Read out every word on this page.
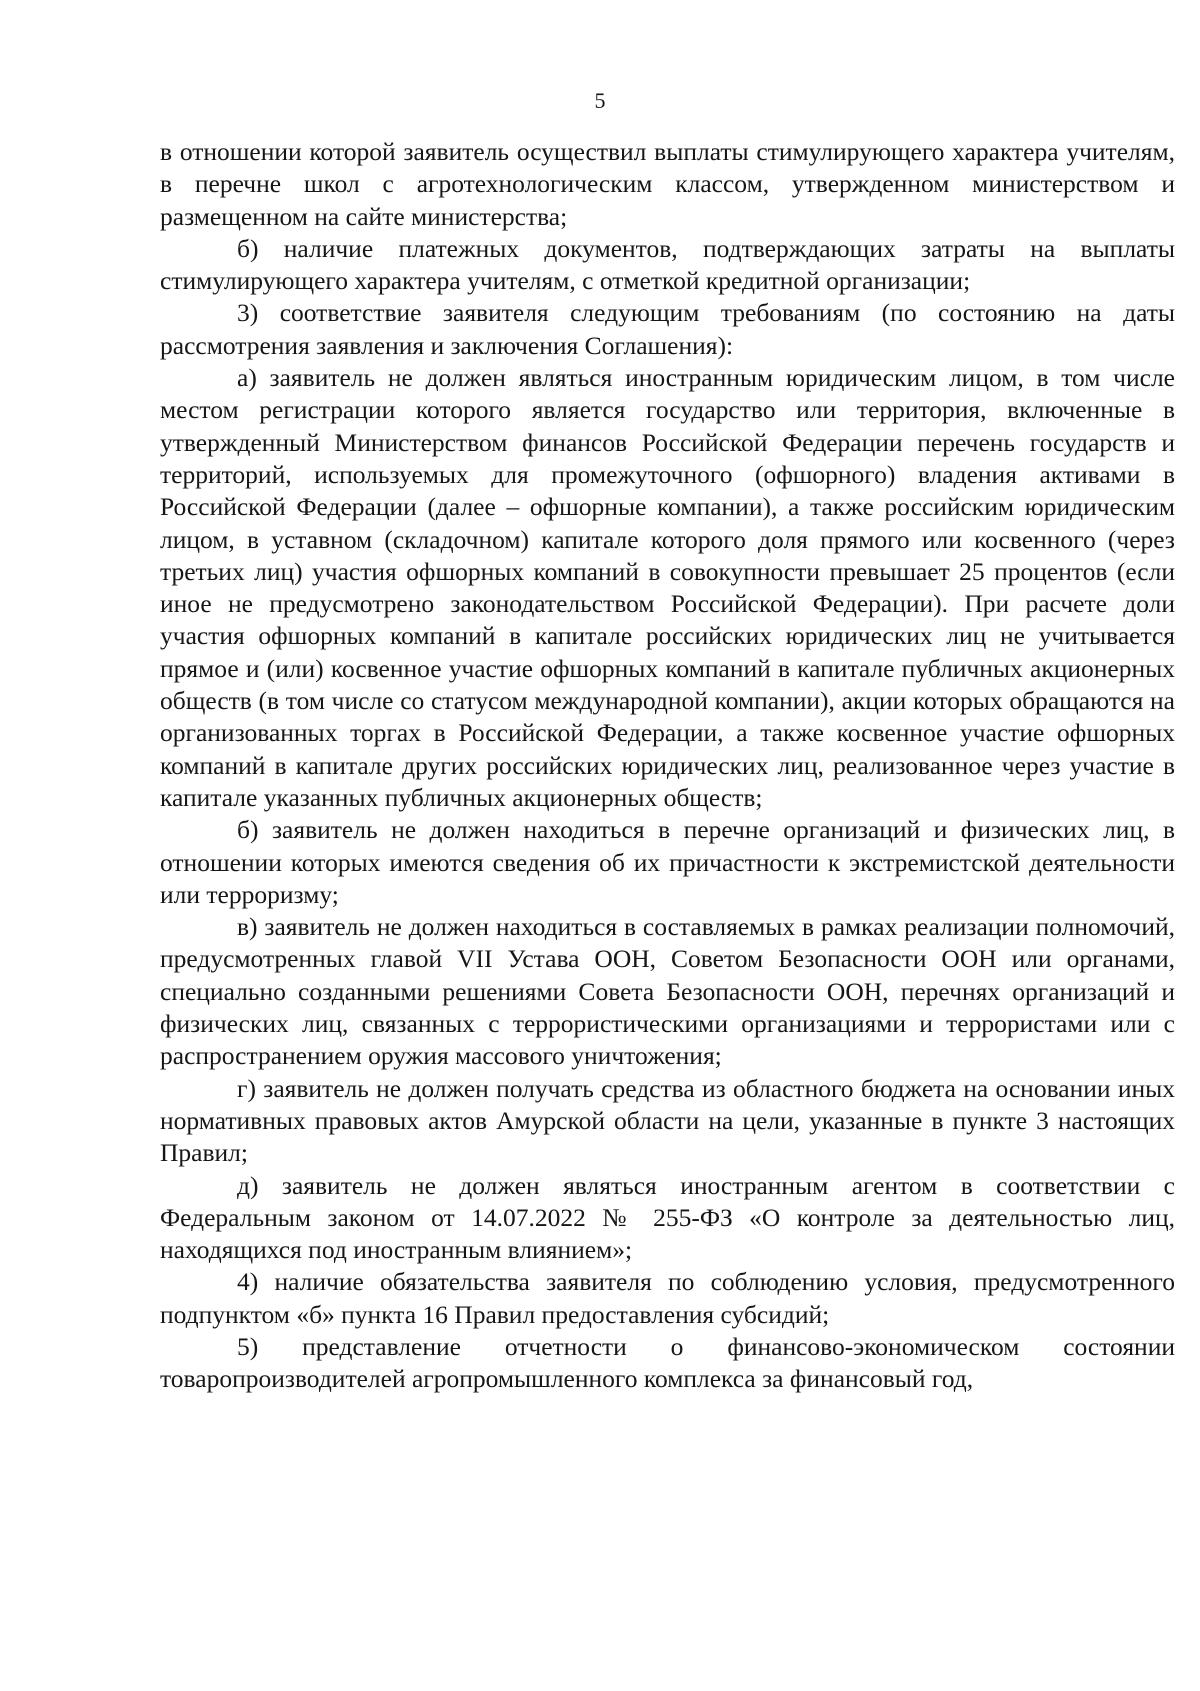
5

в отношении которой заявитель осуществил выплаты стимулирующего характера учителям, в перечне школ с агротехнологическим классом, утвержденном министерством и размещенном на сайте министерства;

б) наличие платежных документов, подтверждающих затраты на выплаты стимулирующего характера учителям, с отметкой кредитной организации;

3) соответствие заявителя следующим требованиям (по состоянию на даты рассмотрения заявления и заключения Соглашения):

а) заявитель не должен являться иностранным юридическим лицом, в том числе местом регистрации которого является государство или территория, включенные в утвержденный Министерством финансов Российской Федерации перечень государств и территорий, используемых для промежуточного (офшорного) владения активами в Российской Федерации (далее – офшорные компании), а также российским юридическим лицом, в уставном (складочном) капитале которого доля прямого или косвенного (через третьих лиц) участия офшорных компаний в совокупности превышает 25 процентов (если иное не предусмотрено законодательством Российской Федерации). При расчете доли участия офшорных компаний в капитале российских юридических лиц не учитывается прямое и (или) косвенное участие офшорных компаний в капитале публичных акционерных обществ (в том числе со статусом международной компании), акции которых обращаются на организованных торгах в Российской Федерации, а также косвенное участие офшорных компаний в капитале других российских юридических лиц, реализованное через участие в капитале указанных публичных акционерных обществ;

б) заявитель не должен находиться в перечне организаций и физических лиц, в отношении которых имеются сведения об их причастности к экстремистской деятельности или терроризму;

в) заявитель не должен находиться в составляемых в рамках реализации полномочий, предусмотренных главой VII Устава ООН, Советом Безопасности ООН или органами, специально созданными решениями Совета Безопасности ООН, перечнях организаций и физических лиц, связанных с террористическими организациями и террористами или с распространением оружия массового уничтожения;

г) заявитель не должен получать средства из областного бюджета на основании иных нормативных правовых актов Амурской области на цели, указанные в пункте 3 настоящих Правил;

д) заявитель не должен являться иностранным агентом в соответствии с Федеральным законом от 14.07.2022 № 255-ФЗ «О контроле за деятельностью лиц, находящихся под иностранным влиянием»;

4) наличие обязательства заявителя по соблюдению условия, предусмотренного подпунктом «б» пункта 16 Правил предоставления субсидий;

5) представление отчетности о финансово-экономическом состоянии товаропроизводителей агропромышленного комплекса за финансовый год,
